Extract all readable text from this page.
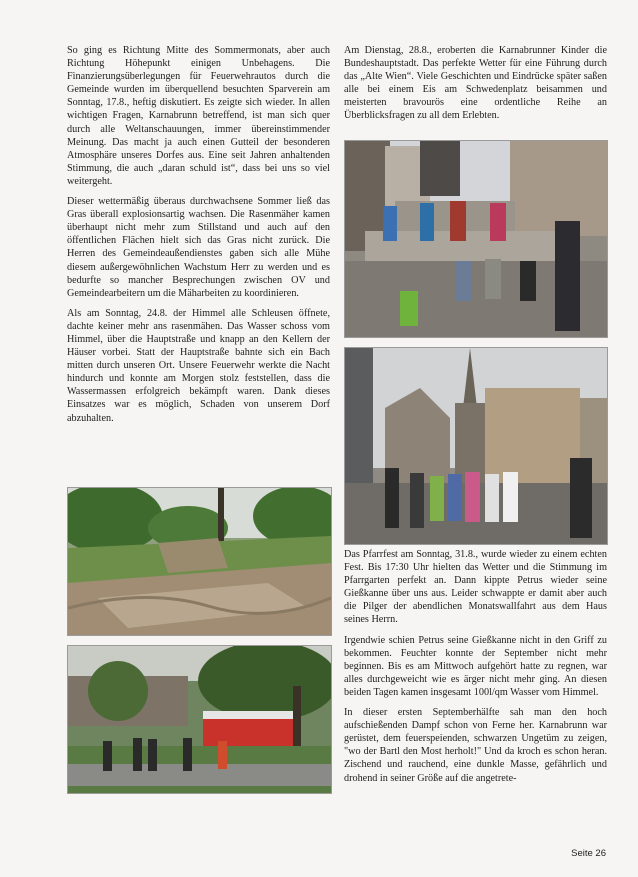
So ging es Richtung Mitte des Sommermonats, aber auch Richtung Höhepunkt einigen Unbehagens. Die Finanzierungsüberlegungen für Feuerwehrautos durch die Gemeinde wurden im überquellend besuchten Sparverein am Sonntag, 17.8., heftig diskutiert. Es zeigte sich wieder. In allen wichtigen Fragen, Karnabrunn betreffend, ist man sich quer durch alle Weltanschauungen, immer übereinstimmender Meinung. Das macht ja auch einen Gutteil der besonderen Atmosphäre unseres Dorfes aus. Eine seit Jahren anhaltenden Stimmung, die auch „daran schuld ist“, dass bei uns so viel weitergeht.

Dieser wettermäßig überaus durchwachsene Sommer ließ das Gras überall explosionsartig wachsen. Die Rasenmäher kamen überhaupt nicht mehr zum Stillstand und auch auf den öffentlichen Flächen hielt sich das Gras nicht zurück. Die Herren des Gemeindeaußendienstes gaben sich alle Mühe diesem außergewöhnlichen Wachstum Herr zu werden und es bedurfte so mancher Besprechungen zwischen OV und Gemeindearbeitern um die Mäharbeiten zu koordinieren.

Als am Sonntag, 24.8. der Himmel alle Schleusen öffnete, dachte keiner mehr ans rasenmähen. Das Wasser schoss vom Himmel, über die Hauptstraße und knapp an den Kellern der Häuser vorbei. Statt der Hauptstraße bahnte sich ein Bach mitten durch unseren Ort. Unsere Feuerwehr werkte die Nacht hindurch und konnte am Morgen stolz feststellen, dass die Wassermassen erfolgreich bekämpft waren. Dank dieses Einsatzes war es möglich, Schaden von unserem Dorf abzuhalten.

Am Dienstag, 28.8., eroberten die Karnabrunner Kinder die Bundeshauptstadt. Das perfekte Wetter für eine Führung durch das „Alte Wien“. Viele Geschichten und Eindrücke später saßen alle bei einem Eis am Schwedenplatz beisammen und meisterten bravourös eine ordentliche Reihe an Überblicksfragen zu all dem Erlebten.

Das Pfarrfest am Sonntag, 31.8., wurde wieder zu einem echten Fest. Bis 17:30 Uhr hielten das Wetter und die Stimmung im Pfarrgarten perfekt an. Dann kippte Petrus wieder seine Gießkanne über uns aus. Leider schwappte er damit aber auch die Pilger der abendlichen Monatswallfahrt aus dem Haus seines Herrn.

Irgendwie schien Petrus seine Gießkanne nicht in den Griff zu bekommen. Feuchter konnte der September nicht mehr beginnen. Bis es am Mittwoch aufgehört hatte zu regnen, war alles durchgeweicht wie es ärger nicht mehr ging. An diesen beiden Tagen kamen insgesamt 100l/qm Wasser vom Himmel.

In dieser ersten Septemberhälfte sah man den hoch aufschießenden Dampf schon von Ferne her. Karnabrunn war gerüstet, dem feuerspeienden, schwarzen Ungetüm zu zeigen, "wo der Bartl den Most herholt!" Und da kroch es schon heran. Zischend und rauchend, eine dunkle Masse, gefährlich und drohend in seiner Größe auf die angetrete-

Seite 26
